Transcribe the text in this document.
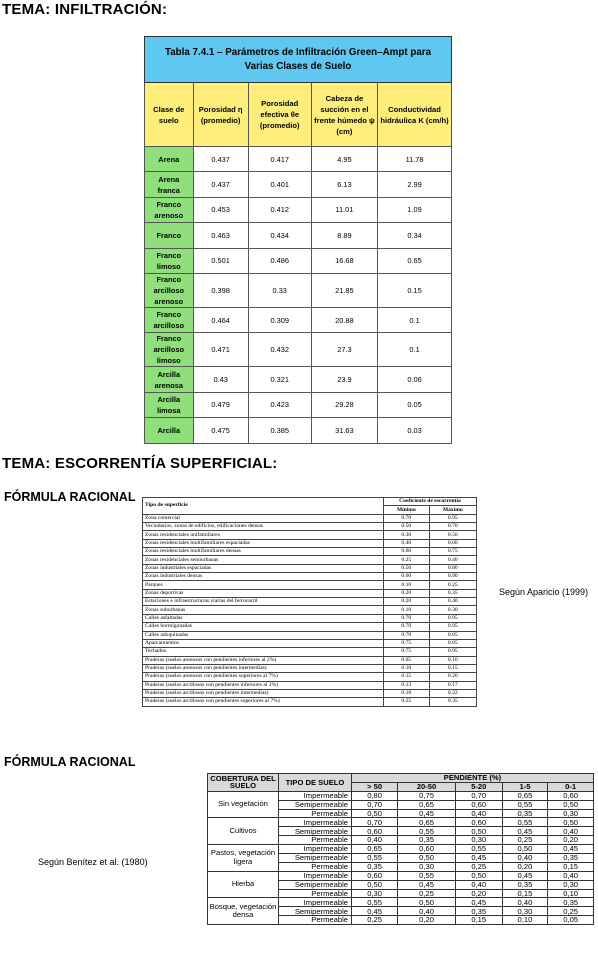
TEMA: INFILTRACIÓN:
Tabla 7.4.1 – Parámetros de Infiltración Green–Ampt para
Varias Clases de Suelo				
Clase de suelo	Porosidad η (promedio)	Porosidad efectiva θe (promedio)	Cabeza de succión en el frente húmedo ψ (cm)	Conductividad hidráulica K (cm/h)
Arena	0.437	0.417	4.95	11.78
Arena franca	0.437	0.401	6.13	2.99
Franco arenoso	0.453	0.412	11.01	1.09
Franco	0.463	0.434	8.89	0.34
Franco limoso	0.501	0.486	16.68	0.65
Franco arcilloso arenoso	0.398	0.33	21.85	0.15
Franco arcilloso	0.464	0.309	20.88	0.1
Franco arcilloso limoso	0.471	0.432	27.3	0.1
Arcilla arenosa	0.43	0.321	23.9	0.06
Arcilla limosa	0.479	0.423	29.28	0.05
Arcilla	0.475	0.385	31.63	0.03
TEMA: ESCORRENTÍA SUPERFICIAL:
FÓRMULA RACIONAL
Tipo de superficie	Coeficiente de escorrentía	
	Mínimo	Máximo
Zona comercial	0.70	0.95
Vecindarios, zonas de edificios, edificaciones densas	0.50	0.70
Zonas residenciales unifamiliares	0.30	0.50
Zonas residenciales multifamiliares espaciadas	0.40	0.60
Zonas residenciales multifamiliares densas	0.60	0.75
Zonas residenciales semiurbanas	0.25	0.40
Zonas industriales espaciadas	0.50	0.80
Zonas industriales densas	0.60	0.90
Parques	0.10	0.25
Zonas deportivas	0.20	0.35
Estaciones e infraestructuras viarias del ferrocarril	0.20	0.40
Zonas suburbanas	0.10	0.30
Calles asfaltadas	0.70	0.95
Calles hormigonadas	0.70	0.95
Calles adoquinadas	0.70	0.85
Aparcamientos	0.75	0.85
Techados	0.75	0.95
Praderas (suelos arenosos con pendientes inferiores al 2%)	0.05	0.10
Praderas (suelos arenosos con pendientes intermedias)	0.10	0.15
Praderas (suelos arenosos con pendientes superiores al 7%)	0.15	0.20
Praderas (suelos arcillosos con pendientes inferiores al 2%)	0.13	0.17
Praderas (suelos arcillosos con pendientes intermedias)	0.18	0.22
Praderas (suelos arcillosos con pendientes superiores al 7%)	0.25	0.35
Según Aparicio (1999)
FÓRMULA RACIONAL
Según Benítez et al. (1980)
COBERTURA DEL SUELO	TIPO DE SUELO	PENDIENTE (%)				
		> 50	20-50	5-20	1-5	0-1
Sin vegetación	Impermeable	0,80	0,75	0,70	0,65	0,60
	Semipermeable	0,70	0,65	0,60	0,55	0,50
	Permeable	0,50	0,45	0,40	0,35	0,30
Cultivos	Impermeable	0,70	0,65	0,60	0,55	0,50
	Semipermeable	0,60	0,55	0,50	0,45	0,40
	Permeable	0,40	0,35	0,30	0,25	0,20
Pastos, vegetación ligera	Impermeable	0,65	0,60	0,55	0,50	0,45
	Semipermeable	0,55	0,50	0,45	0,40	0,35
	Permeable	0,35	0,30	0,25	0,20	0,15
Hierba	Impermeable	0,60	0,55	0,50	0,45	0,40
	Semipermeable	0,50	0,45	0,40	0,35	0,30
	Permeable	0,30	0,25	0,20	0,15	0,10
Bosque, vegetación densa	Impermeable	0,55	0,50	0,45	0,40	0,35
	Semipermeable	0,45	0,40	0,35	0,30	0,25
	Permeable	0,25	0,20	0,15	0,10	0,05
